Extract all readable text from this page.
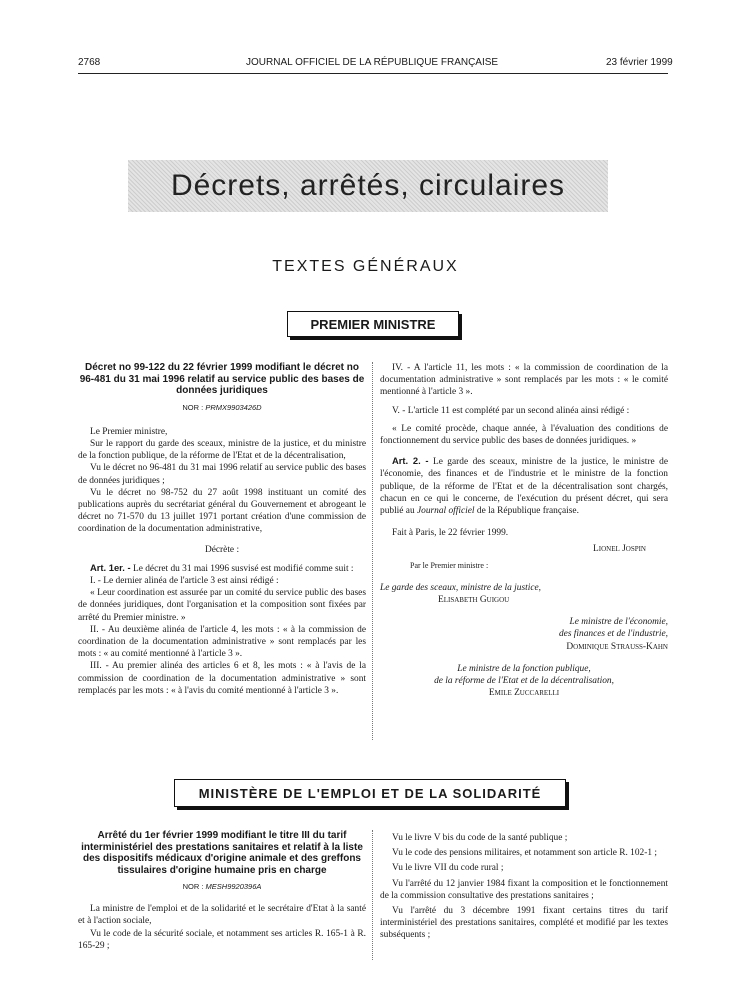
2768	JOURNAL OFFICIEL DE LA RÉPUBLIQUE FRANÇAISE	23 février 1999
Décrets, arrêtés, circulaires
TEXTES GÉNÉRAUX
PREMIER MINISTRE
Décret no 99-122 du 22 février 1999 modifiant le décret no 96-481 du 31 mai 1996 relatif au service public des bases de données juridiques
NOR : PRMX9903426D

Le Premier ministre,

Sur le rapport du garde des sceaux, ministre de la justice, et du ministre de la fonction publique, de la réforme de l'Etat et de la décentralisation,

Vu le décret no 96-481 du 31 mai 1996 relatif au service public des bases de données juridiques ;

Vu le décret no 98-752 du 27 août 1998 instituant un comité des publications auprès du secrétariat général du Gouvernement et abrogeant le décret no 71-570 du 13 juillet 1971 portant création d'une commission de coordination de la documentation administrative,

Décrète :

Art. 1er. - Le décret du 31 mai 1996 susvisé est modifié comme suit :

I. - Le dernier alinéa de l'article 3 est ainsi rédigé :

« Leur coordination est assurée par un comité du service public des bases de données juridiques, dont l'organisation et la composition sont fixées par arrêté du Premier ministre. »

II. - Au deuxième alinéa de l'article 4, les mots : « à la commission de coordination de la documentation administrative » sont remplacés par les mots : « au comité mentionné à l'article 3 ».

III. - Au premier alinéa des articles 6 et 8, les mots : « à l'avis de la commission de coordination de la documentation administrative » sont remplacés par les mots : « à l'avis du comité mentionné à l'article 3 ».

IV. - A l'article 11, les mots : « la commission de coordination de la documentation administrative » sont remplacés par les mots : « le comité mentionné à l'article 3 ».

V. - L'article 11 est complété par un second alinéa ainsi rédigé :

« Le comité procède, chaque année, à l'évaluation des conditions de fonctionnement du service public des bases de données juridiques. »

Art. 2. - Le garde des sceaux, ministre de la justice, le ministre de l'économie, des finances et de l'industrie et le ministre de la fonction publique, de la réforme de l'Etat et de la décentralisation sont chargés, chacun en ce qui le concerne, de l'exécution du présent décret, qui sera publié au Journal officiel de la République française.

Fait à Paris, le 22 février 1999.

Lionel Jospin
Par le Premier ministre :
Le garde des sceaux, ministre de la justice,
Elisabeth Guigou
Le ministre de l'économie,
des finances et de l'industrie,
Dominique Strauss-Kahn
Le ministre de la fonction publique,
de la réforme de l'Etat et de la décentralisation,
Emile Zuccarelli
MINISTÈRE DE L'EMPLOI ET DE LA SOLIDARITÉ
Arrêté du 1er février 1999 modifiant le titre III du tarif interministériel des prestations sanitaires et relatif à la liste des dispositifs médicaux d'origine animale et des greffons tissulaires d'origine humaine pris en charge
NOR : MESH9920396A

La ministre de l'emploi et de la solidarité et le secrétaire d'Etat à la santé et à l'action sociale,

Vu le code de la sécurité sociale, et notamment ses articles R. 165-1 à R. 165-29 ;

Vu le livre V bis du code de la santé publique ;

Vu le code des pensions militaires, et notamment son article R. 102-1 ;

Vu le livre VII du code rural ;

Vu l'arrêté du 12 janvier 1984 fixant la composition et le fonctionnement de la commission consultative des prestations sanitaires ;

Vu l'arrêté du 3 décembre 1991 fixant certains titres du tarif interministériel des prestations sanitaires, complété et modifié par les textes subséquents ;
